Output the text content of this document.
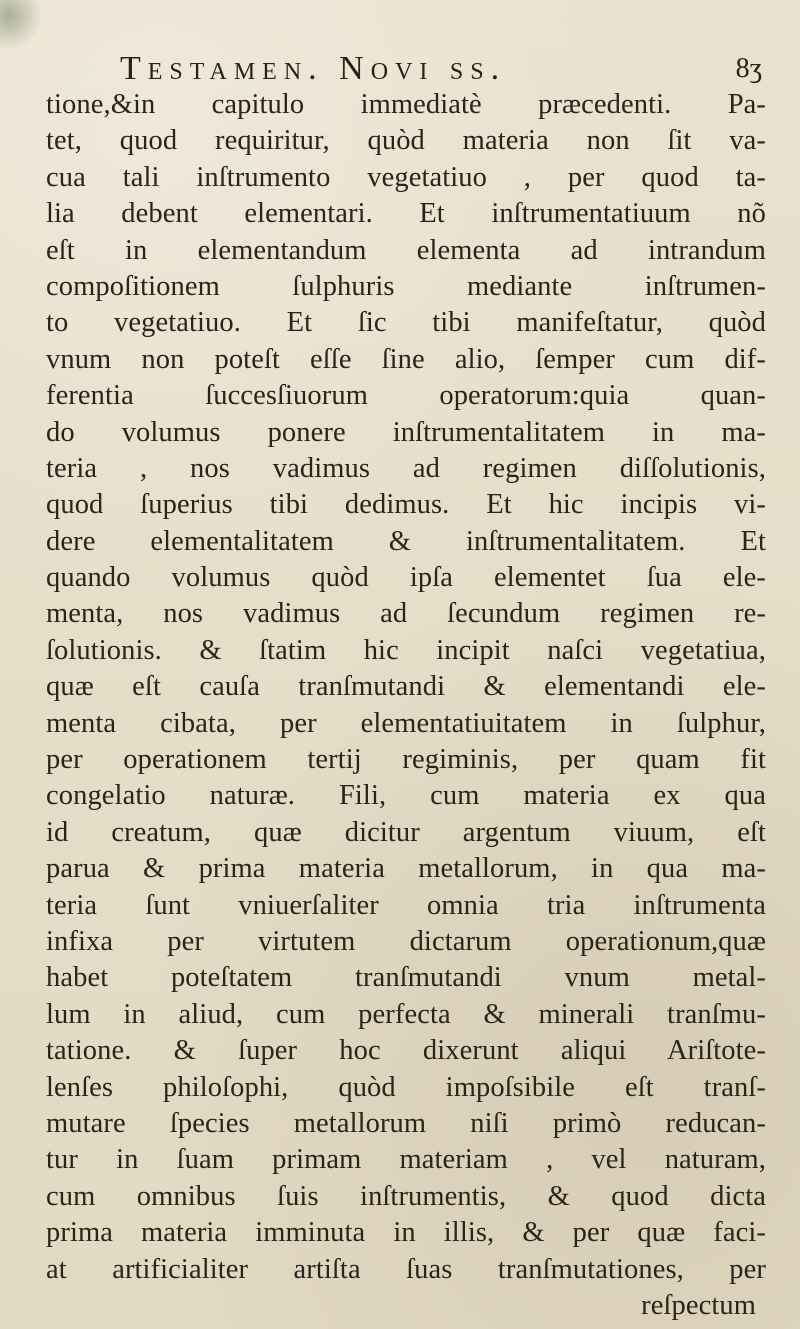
Testamen. Novi ss.	8ʒ
tione,&in capitulo immediatè præcedenti. Pa-
tet, quod requiritur, quòd materia non ſit va-
cua tali inſtrumento vegetatiuo , per quod ta-
lia debent elementari. Et inſtrumentatiuum nõ
eſt in elementandum elementa ad intrandum
compoſitionem ſulphuris mediante inſtrumen-
to vegetatiuo. Et ſic tibi manifeſtatur, quòd
vnum non poteſt eſſe ſine alio, ſemper cum dif-
ferentia ſuccesſiuorum operatorum:quia quan-
do volumus ponere inſtrumentalitatem in ma-
teria , nos vadimus ad regimen diſſolutionis,
quod ſuperius tibi dedimus. Et hic incipis vi-
dere elementalitatem & inſtrumentalitatem. Et
quando volumus quòd ipſa elementet ſua ele-
menta, nos vadimus ad ſecundum regimen re-
ſolutionis. & ſtatim hic incipit naſci vegetatiua,
quæ eſt cauſa tranſmutandi & elementandi ele-
menta cibata, per elementatiuitatem in ſulphur,
per operationem tertij regiminis, per quam fit
congelatio naturæ. Fili, cum materia ex qua
id creatum, quæ dicitur argentum viuum, eſt
parua & prima materia metallorum, in qua ma-
teria ſunt vniuerſaliter omnia tria inſtrumenta
infixa per virtutem dictarum operationum,quæ
habet poteſtatem tranſmutandi vnum metal-
lum in aliud, cum perfecta & minerali tranſmu-
tatione. & ſuper hoc dixerunt aliqui Ariſtote-
lenſes philoſophi, quòd impoſsibile eſt tranſ-
mutare ſpecies metallorum niſi primò reducan-
tur in ſuam primam materiam , vel naturam,
cum omnibus ſuis inſtrumentis, & quod dicta
prima materia imminuta in illis, & per quæ faci-
at artificialiter artiſta ſuas tranſmutationes, per
reſpectum
